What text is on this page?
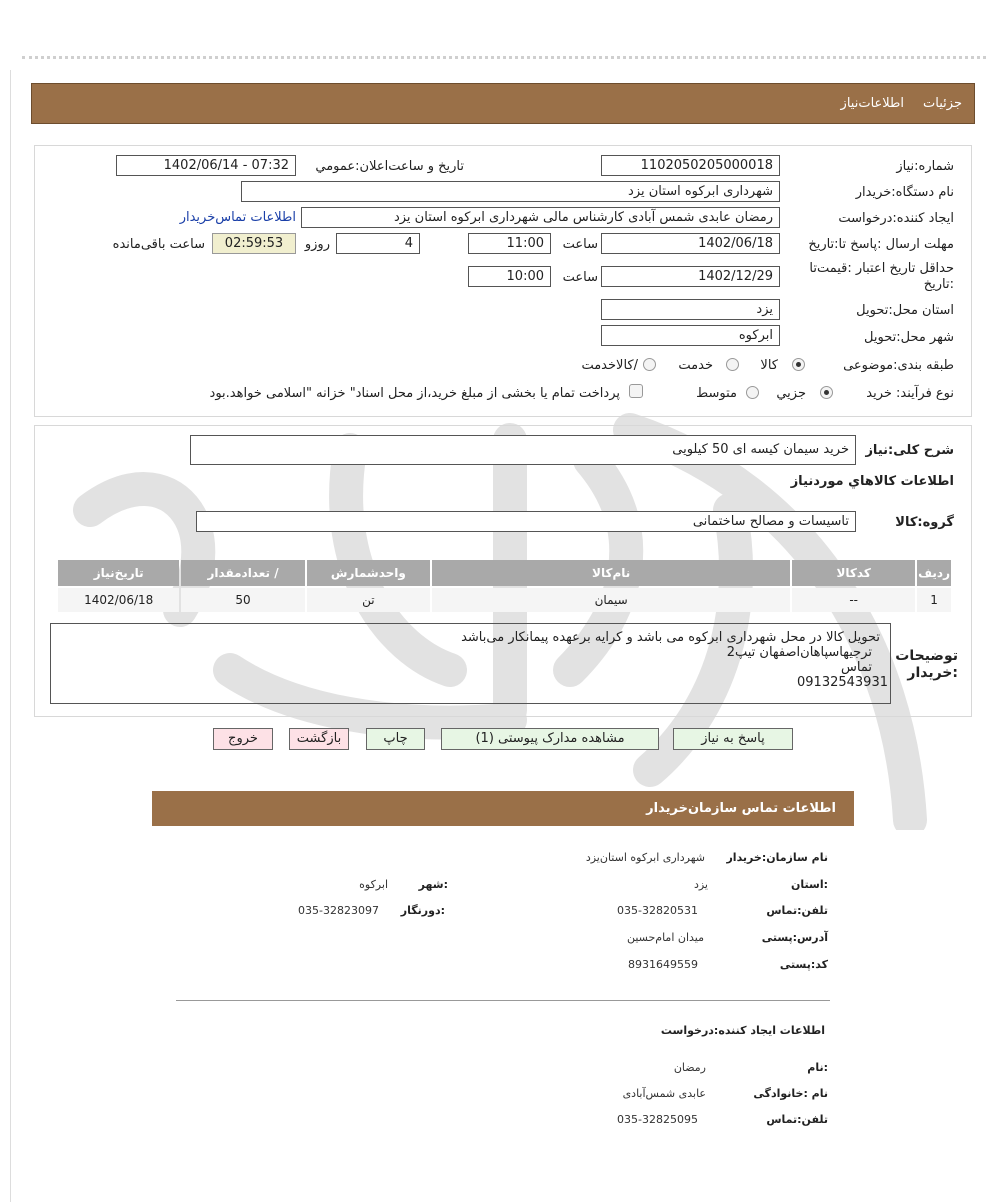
جزئیات
اطلاعات‌نیاز
شماره:نیاز
1102050205000018
تاریخ و ساعت‌اعلان:عمومي
1402/06/14 - 07:32
نام دستگاه:خریدار
شهرداری ابرکوه استان یزد
ایجاد کننده:درخواست
رمضان عابدی شمس آبادی کارشناس مالی شهرداری ابرکوه استان یزد
اطلاعات تماس‌خریدار
مهلت ارسال :پاسخ تا:تاریخ
1402/06/18
ساعت
11:00
4
روزو
02:59:53
ساعت باقی‌مانده
حداقل تاریخ اعتبار :قیمت‌تا
:تاریخ
1402/12/29
ساعت
10:00
استان محل:تحویل
یزد
شهر محل:تحویل
ابرکوه
طبقه بندی:موضوعی
کالا
خدمت
/کالاخدمت
نوع فرآیند: خرید
جزیي
متوسط
پرداخت تمام یا بخشی از مبلغ خرید،از محل اسناد" خزانه "اسلامی خواهد.بود
شرح کلی:نیاز
خرید سیمان کیسه ای 50 کیلویی
اطلاعات کالاهاي موردنياز
گروه:کالا
تاسیسات و مصالح ساختمانی
ردیف	کدکالا	نام‌کالا	واحدشمارش	/ تعدادمقدار	تاریخ‌نیاز
1	--	سیمان	تن	50	1402/06/18
توضیحات
:خریدار
تحویل کالا در محل شهرداری ابرکوه می باشد و کرایه برعهده پیمانکار می‌باشد
ترجیهاسپاهان‌اصفهان تیپ2
تماس
09132543931
پاسخ به نیاز
مشاهده مدارک پیوستی (1)
چاپ
بازگشت
خروج
اطلاعات تماس سازمان‌خریدار
نام سازمان:خریدار
شهرداری ابرکوه استان‌یزد
:استان
یزد
:شهر
ابرکوه
تلفن:تماس
035-32820531
:دورنگار
035-32823097
آدرس:پستی
میدان امام‌حسین
کد:پستی
8931649559
اطلاعات ایجاد کننده:درخواست
:نام
رمضان
نام :خانوادگی
عابدی شمس‌آبادی
تلفن:تماس
035-32825095
